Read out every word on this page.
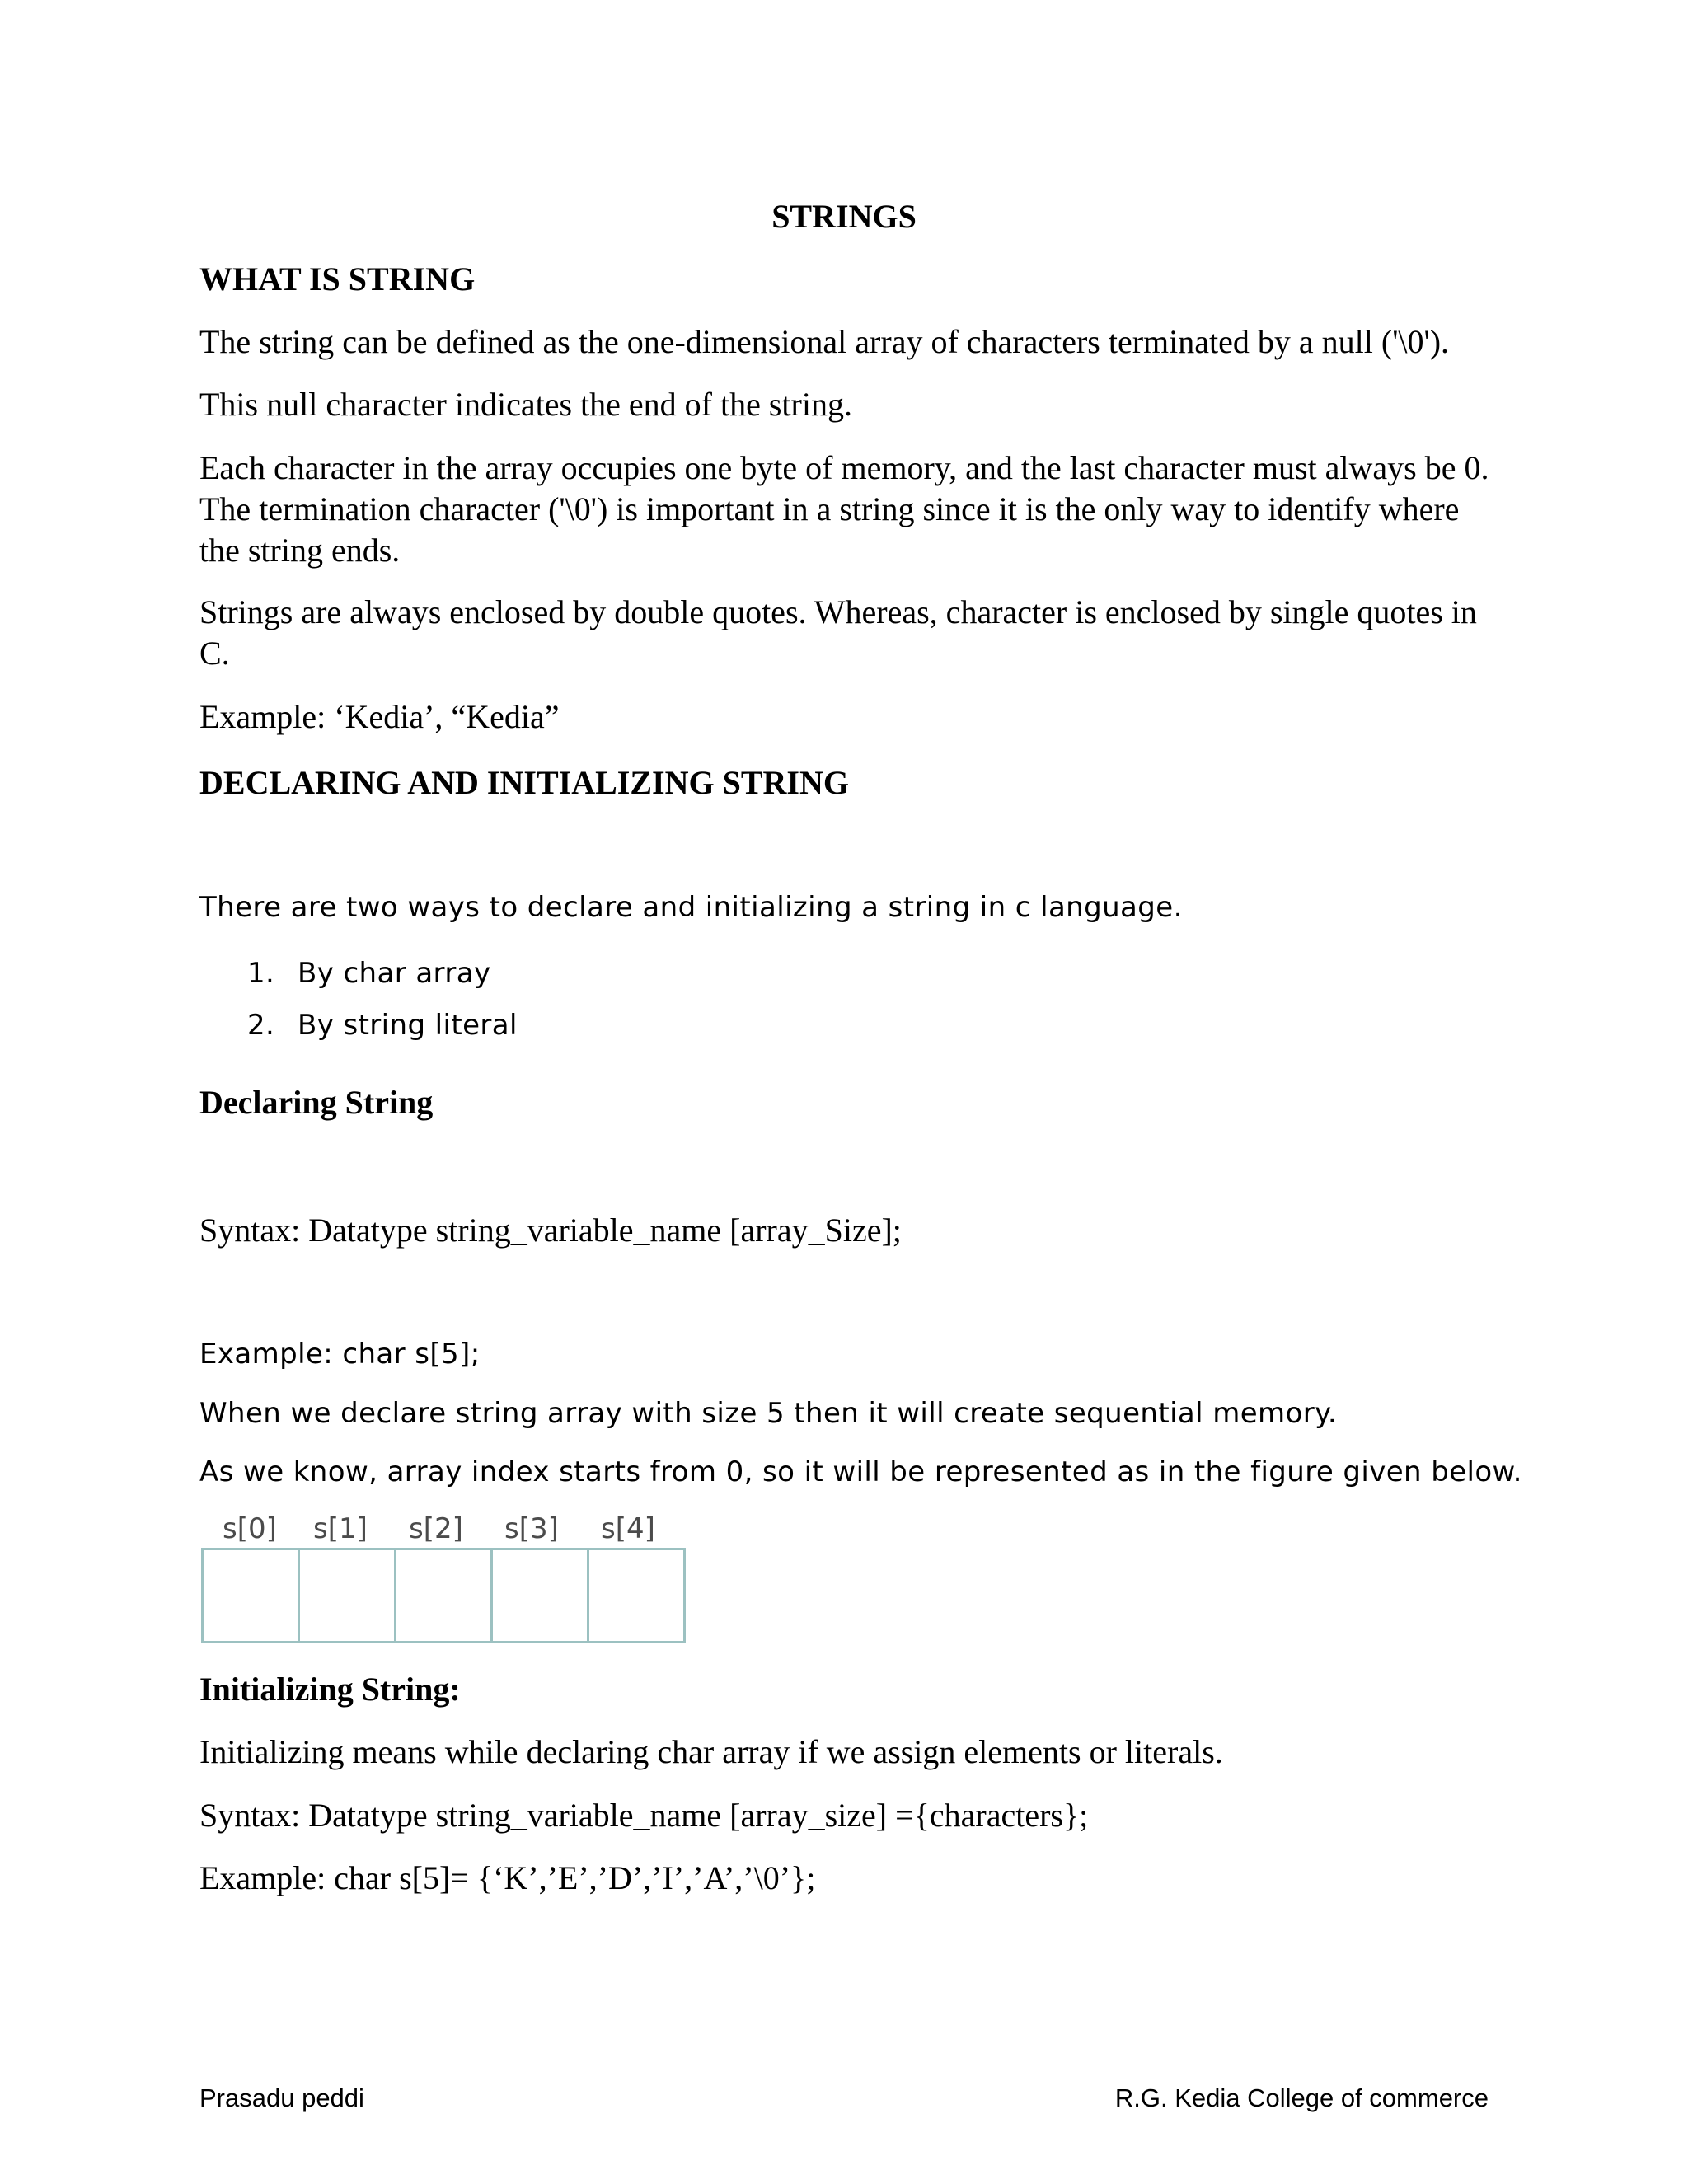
STRINGS

WHAT IS STRING

The string can be defined as the one-dimensional array of characters terminated by a null ('\0').

This null character indicates the end of the string.

Each character in the array occupies one byte of memory, and the last character must always be 0. The termination character ('\0') is important in a string since it is the only way to identify where the string ends.

Strings are always enclosed by double quotes. Whereas, character is enclosed by single quotes in C.

Example: ‘Kedia’, “Kedia”

DECLARING AND INITIALIZING STRING

There are two ways to declare and initializing a string in c language.

1. By char array
2. By string literal

Declaring String

Syntax: Datatype string_variable_name [array_Size];

Example: char s[5];

When we declare string array with size 5 then it will create sequential memory.

As we know, array index starts from 0, so it will be represented as in the figure given below.

s[0] s[1] s[2] s[3] s[4]

Initializing String:

Initializing means while declaring char array if we assign elements or literals.

Syntax: Datatype string_variable_name [array_size] ={characters};

Example: char s[5]= {‘K’,’E’,’D’,’I’,’A’,’\0’};

Prasadu peddi	R.G. Kedia College of commerce
